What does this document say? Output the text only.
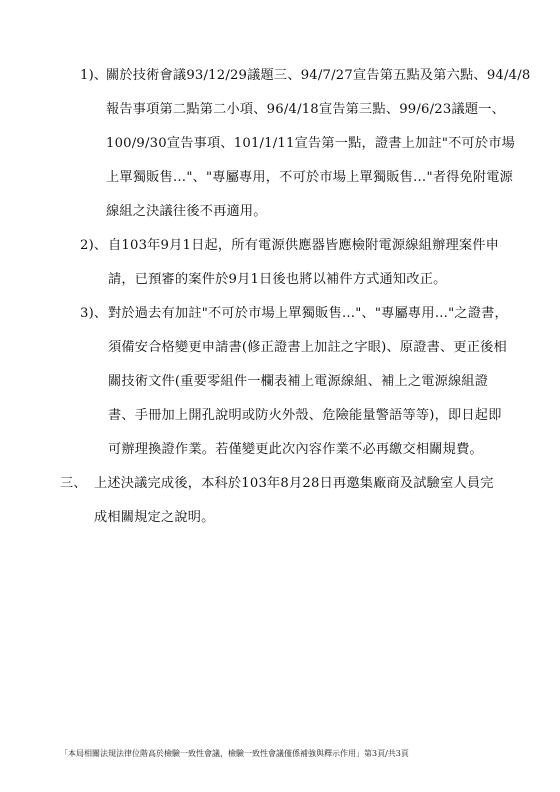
1)、
關於技術會議93/12/29議題三、94/7/27宣告第五點及第六點、94/4/8
報告事項第二點第二小項、96/4/18宣告第三點、99/6/23議題一、
100/9/30宣告事項、101/1/11宣告第一點，證書上加註"不可於市場
上單獨販售…"、"專屬專用，不可於市場上單獨販售…"者得免附電源
線組之決議往後不再適用。
2)、 自103年9月1日起，所有電源供應器皆應檢附電源線組辦理案件申
請，已預審的案件於9月1日後也將以補件方式通知改正。
3)、 對於過去有加註"不可於市場上單獨販售…"、"專屬專用…"之證書，
須備安合格變更申請書(修正證書上加註之字眼)、原證書、更正後相
關技術文件(重要零組件一欄表補上電源線組、補上之電源線組證
書、手冊加上開孔說明或防火外殼、危險能量警語等等)，即日起即
可辦理換證作業。若僅變更此次內容作業不必再繳交相關規費。
三、 上述決議完成後，本科於103年8月28日再邀集廠商及試驗室人員完
成相關規定之說明。
「本局相關法規法律位階高於檢驗一致性會議，檢驗一致性會議僅係補強與釋示作用」第3頁/共3頁
